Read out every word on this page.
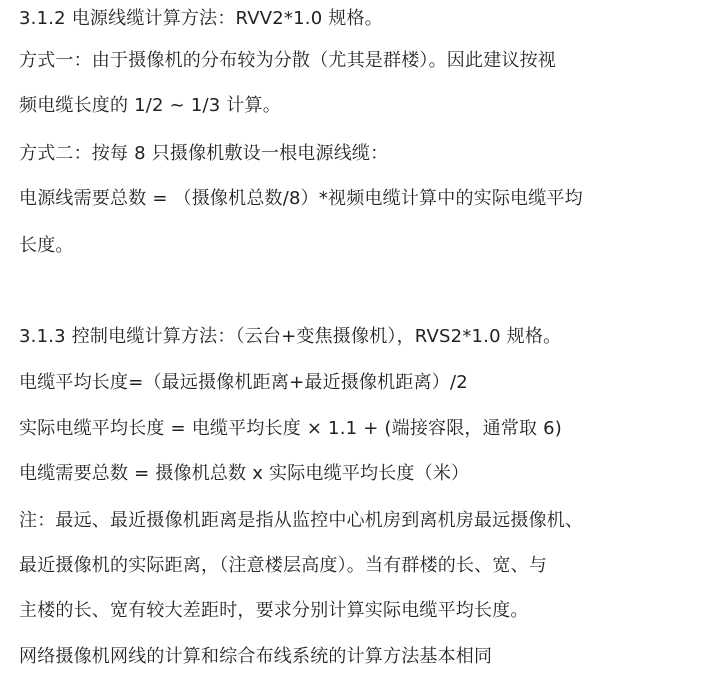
3.1.2 电源线缆计算方法：RVV2*1.0 规格。
方式一：由于摄像机的分布较为分散（尤其是群楼）。因此建议按视
频电缆长度的 1/2 ~ 1/3 计算。
方式二：按每 8 只摄像机敷设一根电源线缆：
电源线需要总数 = （摄像机总数/8）*视频电缆计算中的实际电缆平均
长度。
3.1.3 控制电缆计算方法：（云台+变焦摄像机），RVS2*1.0 规格。
电缆平均长度=（最远摄像机距离+最近摄像机距离）/2
实际电缆平均长度 = 电缆平均长度 × 1.1 + (端接容限，通常取 6)
电缆需要总数 = 摄像机总数 x 实际电缆平均长度（米）
注：最远、最近摄像机距离是指从监控中心机房到离机房最远摄像机、
最近摄像机的实际距离，（注意楼层高度）。当有群楼的长、宽、与
主楼的长、宽有较大差距时，要求分别计算实际电缆平均长度。
网络摄像机网线的计算和综合布线系统的计算方法基本相同
